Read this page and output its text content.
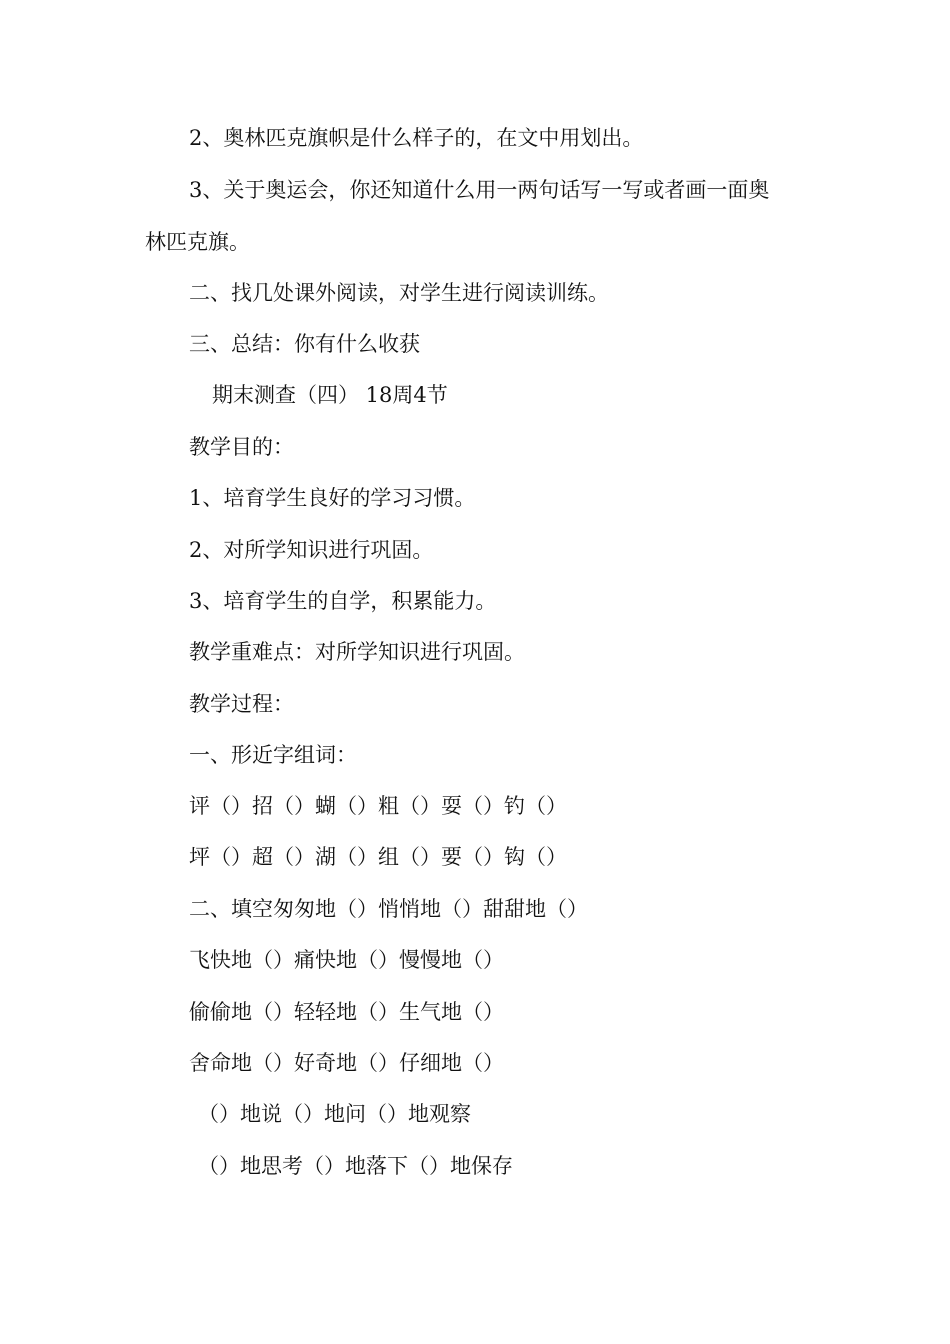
2、奥林匹克旗帜是什么样子的，在文中用划出。
3、关于奥运会，你还知道什么用一两句话写一写或者画一面奥
林匹克旗。
二、找几处课外阅读，对学生进行阅读训练。
三、总结：你有什么收获
期末测查（四） 18周4节
教学目的：
1、培育学生良好的学习习惯。
2、对所学知识进行巩固。
3、培育学生的自学，积累能力。
教学重难点：对所学知识进行巩固。
教学过程：
一、形近字组词：
评（）招（）蝴（）粗（）耍（）钓（）
坪（）超（）湖（）组（）要（）钩（）
二、填空匆匆地（）悄悄地（）甜甜地（）
飞快地（）痛快地（）慢慢地（）
偷偷地（）轻轻地（）生气地（）
舍命地（）好奇地（）仔细地（）
（）地说（）地问（）地观察
（）地思考（）地落下（）地保存
